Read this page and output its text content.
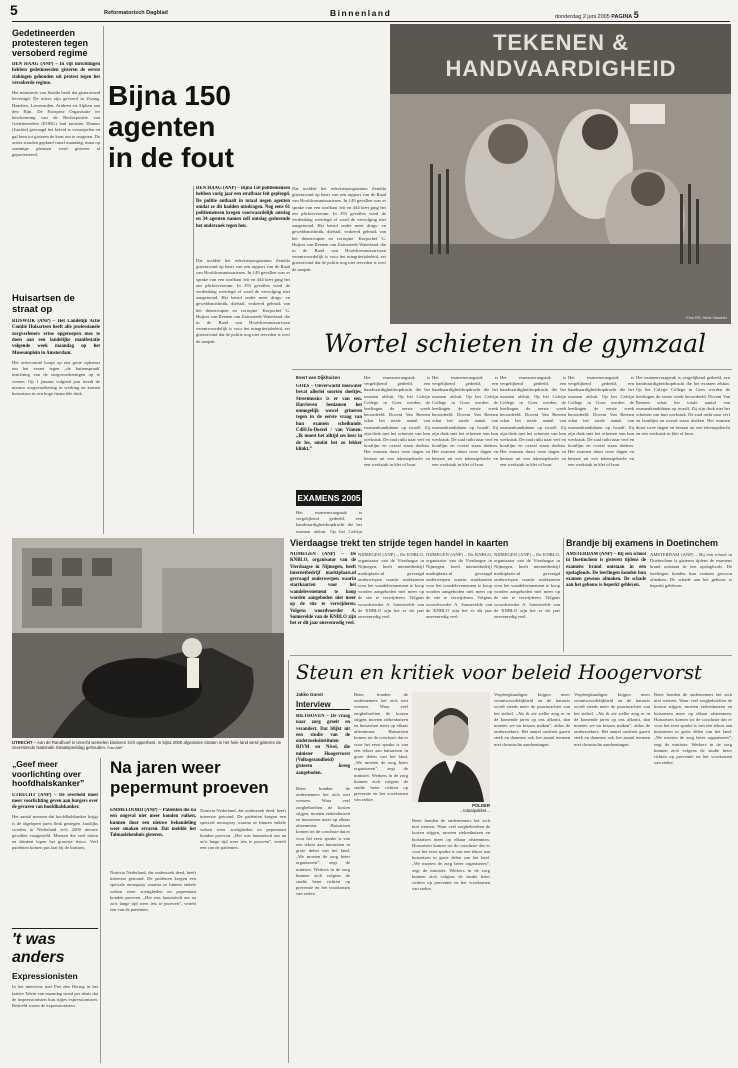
5	Reformatorisch Dagblad	Binnenland	donderdag 2 juni 2005 PAGINA 5
Gedetineerden protesteren tegen versoberd regime
DEN HAAG (ANP) – In vijf inrichtingen hebben gedetineerden gisteren de eerste stakingen gehouden uit protest tegen het versoberde regime.
Het ministerie van Justitie heeft dat gisteravond bevestigd. De acties zijn gevoerd in Zwaag, Haarlem, Leeuwarden, Arnhem en Alphen aan den Rijn. De Europese Organisatie ter bescherming van de Rechtspositie van Gedetineerden (EORG) had minister Donner (Justitie) gevraagd het beleid te versoepelen en gaf hem tot gisteren de kans om te reageren. De acties stonden gepland vanaf maandag, maar op sommige plaatsen werd gisteren al geprotesteerd.
Huisartsen de straat op
RIJSWIJK (ANP) – Het Landelijk Actie Comité Huisartsen heeft alle professionele zorgverleners ertoe opgeroepen mee te doen aan een landelijke manifestatie volgende week maandag op het Museumplein in Amsterdam.
Het actiecomité hoopt op een grote opkomst om het verzet tegen „de buitenspraak' inrichting van de zorgverzekeringen op te voeren. Op 1 januari volgend jaar treedt de nieuwe zorgverzekering in werking en komen huisartsen in een hoge financiële druk.
Bijna 150 agenten in de fout
DEN HAAG (ANP) – Bijna 150 politiemensen hebben vorig jaar een strafbaar feit gepleegd. De politie onthaalt in totaal negen agenten omdat ze dit hadden misdragen. Nog eens 61 politiemensen kregen voorwaardelijk ontslag en 34 agenten namen zelf ontslag gedurende het onderzoek tegen hen.
Dat meldde het televisieprogramma Zembla gisteravond op basis van een rapport van de Raad van Hoofdcommissarissen. In 149 gevallen was er sprake van een strafbaar feit en 444 keer ging het om plichtsverzuim. In 353 gevallen werd de verdenking weerlegd of werd de vervolging niet aangetoond. Het betrof onder meer drugs- en geweldsmisbruik, diefstal, verkeerd gebruik van het dienstwapen en corruptie. Korpschef G. Huijser van Reenen van Zaanstreek-Waterland, die in de Raad van Hoofdcommissarissen verantwoordelijk is voor het integriteitsbeleid, zei gisteravond dat de politie nog niet tevreden is over de aanpak.
Dat meldde het televisieprogramma Zembla gisteravond op basis van een rapport van de Raad van Hoofdcommissarissen. In 149 gevallen was er sprake van een strafbaar feit en 444 keer ging het om plichtsverzuim. In 353 gevallen werd de verdenking weerlegd of werd de vervolging niet aangetoond. Het betrof onder meer drugs- en geweldsmisbruik, diefstal, verkeerd gebruik van het dienstwapen en corruptie. Korpschef G. Huijser van Reenen van Zaanstreek-Waterland, die in de Raad van Hoofdcommissarissen verantwoordelijk is voor het integriteitsbeleid, zei gisteravond dat de politie nog niet tevreden is over de aanpak.
TEKENEN & HANDVAARDIGHEID
Foto RD, Henk Visscher
Wortel schieten in de gymzaal
Evert van Dijkhuizen
GOES – Onverwacht meewater bevat allerlei soorten doeltjes. Streetmusics is er van een. Harrieven beniamen het onmogelijk wowel grineren tegen in de eerste vraag van hun examen scheikunde. CdH/Jo-Doezel / van Vianen: „Ik moest het alltijd zes keer in de les, omdat het zo lekker klinkt.”
EXAMENS 2005
Het examenvraagstuk is vergelijkend gedeeld, een handvaardigheidsopdracht die het examen afsluit. Op het Calvijn
Het examenvraagstuk is vergelijkend gedeeld, een handvaardigheidsopdracht die het examen afsluit. Op het Calvijn College in Goes worden de leerlingen de eerste week beoordeeld. Docent Van Reenen schat het totale aantal van examenkandidaten op twaalf. Zij zijn druk met het schetsen van hun werkstuk. De zaal ruikt naar verf en houtlijm en overal staan doeken. Het examen duurt twee dagen en bestaat uit een tekenopdracht en een werkstuk in klei of hout.
Het examenvraagstuk is vergelijkend gedeeld, een handvaardigheidsopdracht die het examen afsluit. Op het Calvijn College in Goes worden de leerlingen de eerste week beoordeeld. Docent Van Reenen schat het totale aantal van examenkandidaten op twaalf. Zij zijn druk met het schetsen van hun werkstuk. De zaal ruikt naar verf en houtlijm en overal staan doeken. Het examen duurt twee dagen en bestaat uit een tekenopdracht en een werkstuk in klei of hout.
Het examenvraagstuk is vergelijkend gedeeld, een handvaardigheidsopdracht die het examen afsluit. Op het Calvijn College in Goes worden de leerlingen de eerste week beoordeeld. Docent Van Reenen schat het totale aantal van examenkandidaten op twaalf. Zij zijn druk met het schetsen van hun werkstuk. De zaal ruikt naar verf en houtlijm en overal staan doeken. Het examen duurt twee dagen en bestaat uit een tekenopdracht en een werkstuk in klei of hout.
Het examenvraagstuk is vergelijkend gedeeld, een handvaardigheidsopdracht die het examen afsluit. Op het Calvijn College in Goes worden de leerlingen de eerste week beoordeeld. Docent Van Reenen schat het totale aantal van examenkandidaten op twaalf. Zij zijn druk met het schetsen van hun werkstuk. De zaal ruikt naar verf en houtlijm en overal staan doeken. Het examen duurt twee dagen en bestaat uit een tekenopdracht en een werkstuk in klei of hout.
Het examenvraagstuk is vergelijkend gedeeld, een handvaardigheidsopdracht die het examen afsluit. Op het Calvijn College in Goes worden de leerlingen de eerste week beoordeeld. Docent Van Reenen schat het totale aantal van examenkandidaten op twaalf. Zij zijn druk met het schetsen van hun werkstuk. De zaal ruikt naar verf en houtlijm en overal staan doeken. Het examen duurt twee dagen en bestaat uit een tekenopdracht en een werkstuk in klei of hout.
UTRECHT – Aan de Randhoef in Utrecht wemelen kinderen zich opperbest. In bijna 2000 afgesloten straten in het hele land werd gisteren de zeventiende Nationale Straatspeeldag gehouden. Foto ANP
Vierdaagse trekt ten strijde tegen handel in kaarten
NIJMEGEN (ANP) – De KNBLO, organisator van de Vierdaagse in Nijmegen, heeft internetbedrijf marktplaats.nl gevraagd onderwerpen waarin startkaarten voor het wandelevenement te koop worden aangeboden niet meer op de site te verwijderen. Volgens woordvoerder A. Sonnevelde van de KNBLO zijn het er dit jaar onevenredig veel.
NIJMEGEN (ANP) – De KNBLO, organisator van de Vierdaagse in Nijmegen, heeft internetbedrijf marktplaats.nl gevraagd onderwerpen waarin startkaarten voor het wandelevenement te koop worden aangeboden niet meer op de site te verwijderen. Volgens woordvoerder A. Sonnevelde van de KNBLO zijn het er dit jaar onevenredig veel.
NIJMEGEN (ANP) – De KNBLO, organisator van de Vierdaagse in Nijmegen, heeft internetbedrijf marktplaats.nl gevraagd onderwerpen waarin startkaarten voor het wandelevenement te koop worden aangeboden niet meer op de site te verwijderen. Volgens woordvoerder A. Sonnevelde van de KNBLO zijn het er dit jaar onevenredig veel.
NIJMEGEN (ANP) – De KNBLO, organisator van de Vierdaagse in Nijmegen, heeft internetbedrijf marktplaats.nl gevraagd onderwerpen waarin startkaarten voor het wandelevenement te koop worden aangeboden niet meer op de site te verwijderen. Volgens woordvoerder A. Sonnevelde van de KNBLO zijn het er dit jaar onevenredig veel.
Brandje bij examens in Doetinchem
AMSTERDAM (ANP) – Bij een school in Doetinchem is gisteren tijdens de examens brand ontstaan in een opslagloods. De leerlingen konden hun examen gewoon afmaken. De schade aan het gebouw is beperkt gebleven.
AMSTERDAM (ANP) – Bij een school in Doetinchem is gisteren tijdens de examens brand ontstaan in een opslagloods. De leerlingen konden hun examen gewoon afmaken. De schade aan het gebouw is beperkt gebleven.
„Geef meer voorlichting over hoofdhalskanker”
UTRECHT (ANP) – De overheid moet meer voorlichting geven aan burgers over de gevaren van hoofdhalskanker.
Het aantal mensen dat hoofdhalskanker krijgt is de afgelopen jaren flink gestegen. Jaarlijks worden in Nederland zo'n 2500 nieuwe gevallen vastgesteld. Mensen die veel roken en drinken lopen het grootste risico. Veel patiënten komen pas laat bij de huisarts.
't was anders
Expressionisten
In het interview met Piet den Hertog in het laatste Talent van maandag stond per abuis dat de impressionisten hun rijtjes expressionisten. Bedoeld waren de expressionisten.
Na jaren weer pepermunt proeven
EMMELOORD (ANP) – Patiënten die na een ongeval niet meer konden ruiken, kunnen door een nieuwe behandeling weer smaken ervaren. Dat meldde het Talmaziekenhuis gisteren.
Nutricia Nederland, dat onderzoek deed, heeft interesse getoond. De patiënten kregen een speciale neusspray waarna ze binnen enkele weken weer zoetigheden en pepermunt konden proeven. „Het was fantastisch om na zo'n lange tijd weer iets te proeven”, vertelt een van de patiënten.
Nutricia Nederland, dat onderzoek deed, heeft interesse getoond. De patiënten kregen een speciale neusspray waarna ze binnen enkele weken weer zoetigheden en pepermunt konden proeven. „Het was fantastisch om na zo'n lange tijd weer iets te proeven”, vertelt een van de patiënten.
Steun en kritiek voor beleid Hoogervorst
Jakko Gunst
Interview
BILTHOVEN – De vraag naar zorg groeit en verandert. Dat blijkt uit een studie van de onderzoeksinstituten RIVM en Nivel, die minister Hoogervorst (Volksgezondheid) gisteren kreeg aangeboden.
Beter bonden de ondernemers het zich niet wensen. Waar veel zorgbehoeften de kosten stijgen, moeten ziekenhuizen en huisartsen meer op elkaar afstemmen. Huisartsen komen tot de conclusie dat er voor het eerst sprake is van een tekort aan huisartsen in grote delen van het land. „We moeten de zorg beter organiseren”, zegt de minister. Werkers in de zorg kunnen zich volgens de studie beter richten op preventie en het voorkomen van ziekte.
Beter bonden de ondernemers het zich niet wensen. Waar veel zorgbehoeften de kosten stijgen, moeten ziekenhuizen en huisartsen meer op elkaar afstemmen. Huisartsen komen tot de conclusie dat er voor het eerst sprake is van een tekort aan huisartsen in grote delen van het land. „We moeten de zorg beter organiseren”, zegt de minister. Werkers in de zorg kunnen zich volgens de studie beter richten op preventie en het voorkomen van ziekte.
POLDER
...totaalpakket...
Beter bonden de ondernemers het zich niet wensen. Waar veel zorgbehoeften de kosten stijgen, moeten ziekenhuizen en huisartsen meer op elkaar afstemmen. Huisartsen komen tot de conclusie dat er voor het eerst sprake is van een tekort aan huisartsen in grote delen van het land. „We moeten de zorg beter organiseren”, zegt de minister. Werkers in de zorg kunnen zich volgens de studie beter richten op preventie en het voorkomen van ziekte.
Verpleegkundigen krijgen meer verantwoordelijkheid en de huisarts wordt steeds meer de poortwachter van het stelsel. „Als ik zie welke zorg er in de komende jaren op ons afkomt, dan moeten we nu keuzes maken”, aldus de onderzoekers. Het aantal ouderen groeit sterk en daarmee ook het aantal mensen met chronische aandoeningen.
Verpleegkundigen krijgen meer verantwoordelijkheid en de huisarts wordt steeds meer de poortwachter van het stelsel. „Als ik zie welke zorg er in de komende jaren op ons afkomt, dan moeten we nu keuzes maken”, aldus de onderzoekers. Het aantal ouderen groeit sterk en daarmee ook het aantal mensen met chronische aandoeningen.
Beter bonden de ondernemers het zich niet wensen. Waar veel zorgbehoeften de kosten stijgen, moeten ziekenhuizen en huisartsen meer op elkaar afstemmen. Huisartsen komen tot de conclusie dat er voor het eerst sprake is van een tekort aan huisartsen in grote delen van het land. „We moeten de zorg beter organiseren”, zegt de minister. Werkers in de zorg kunnen zich volgens de studie beter richten op preventie en het voorkomen van ziekte.
